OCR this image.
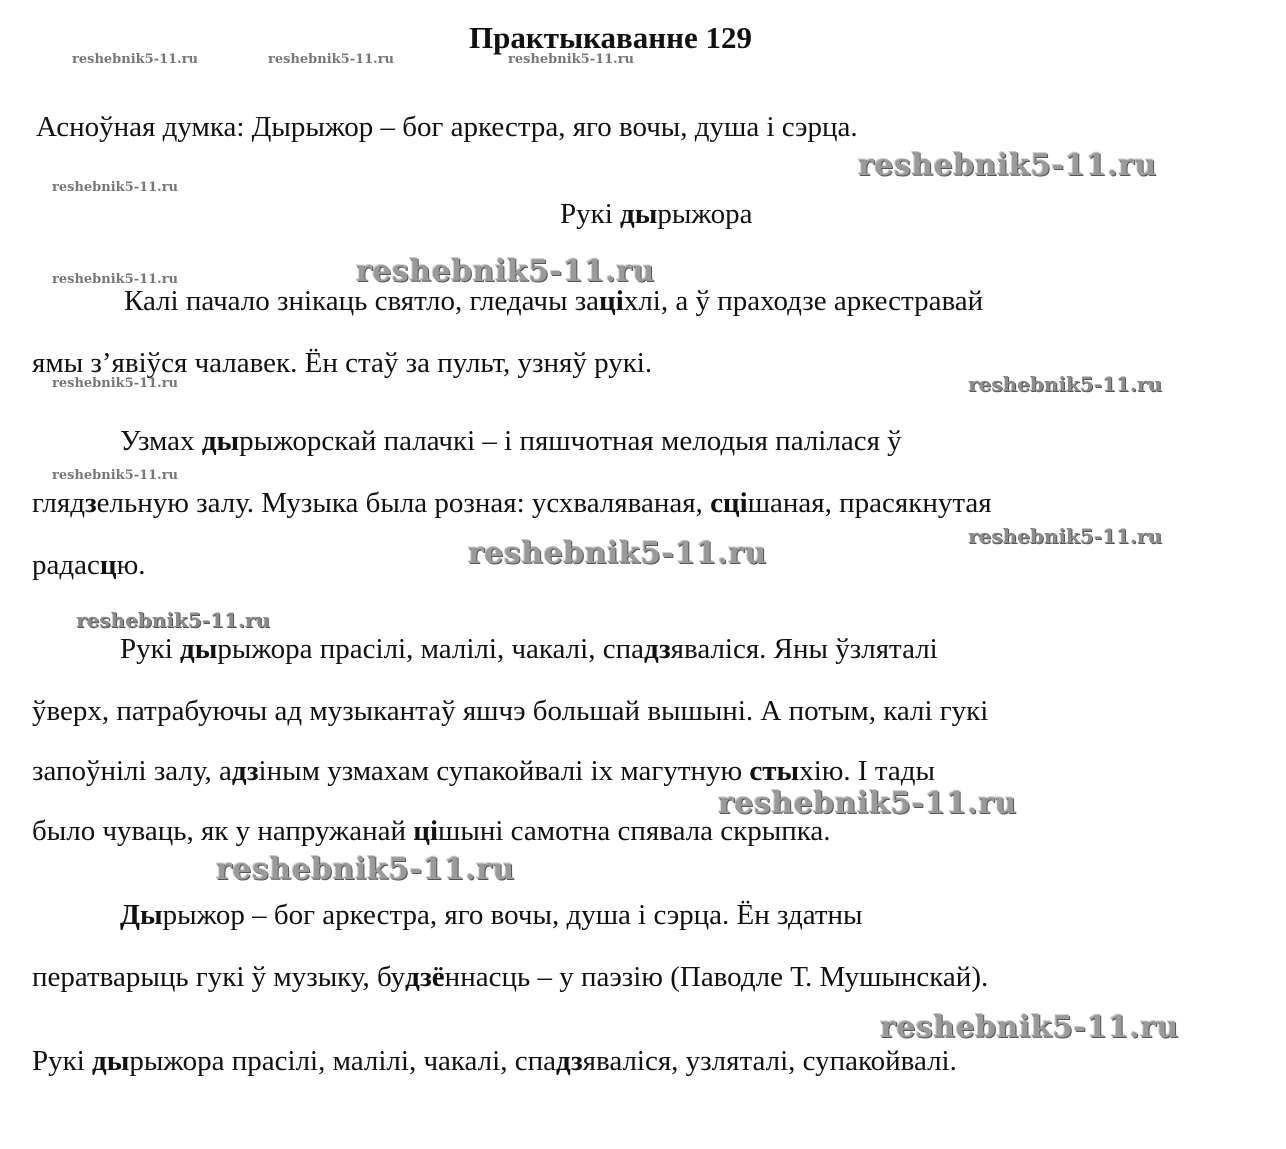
Практыкаванне 129
reshebnik5-11.ru	reshebnik5-11.ru	reshebnik5-11.ru
Асноўная думка: Дырыжор – бог аркестра, яго вочы, душа і сэрца.
reshebnik5-11.ru
reshebnik5-11.ru
Рукі дырыжора
reshebnik5-11.ru
reshebnik5-11.ru
Калі пачало знікаць святло, гледачы заціхлі, а ў праходзе аркестравай
ямы з’явіўся чалавек. Ён стаў за пульт, узняў рукі.
reshebnik5-11.ru	reshebnik5-11.ru
Узмах дырыжорскай палачкі – і пяшчотная мелодыя палілася ў
reshebnik5-11.ru
глядзельную залу. Музыка была розная: усхваляваная, сцішаная, прасякнутая
reshebnik5-11.ru
reshebnik5-11.ru
радасцю.
reshebnik5-11.ru
Рукі дырыжора прасілі, малілі, чакалі, спадзяваліся. Яны ўзляталі
ўверх, патрабуючы ад музыкантаў яшчэ большай вышыні. А потым, калі гукі
запоўнілі залу, адзіным узмахам супакойвалі іх магутную стыхію. І тады
reshebnik5-11.ru
было чуваць, як у напружанай цішыні самотна спявала скрыпка.
reshebnik5-11.ru
Дырыжор – бог аркестра, яго вочы, душа і сэрца. Ён здатны
ператварыць гукі ў музыку, будзённасць – у паэзію (Паводле Т. Мушынскай).
reshebnik5-11.ru
Рукі дырыжора прасілі, малілі, чакалі, спадзяваліся, узляталі, супакойвалі.
